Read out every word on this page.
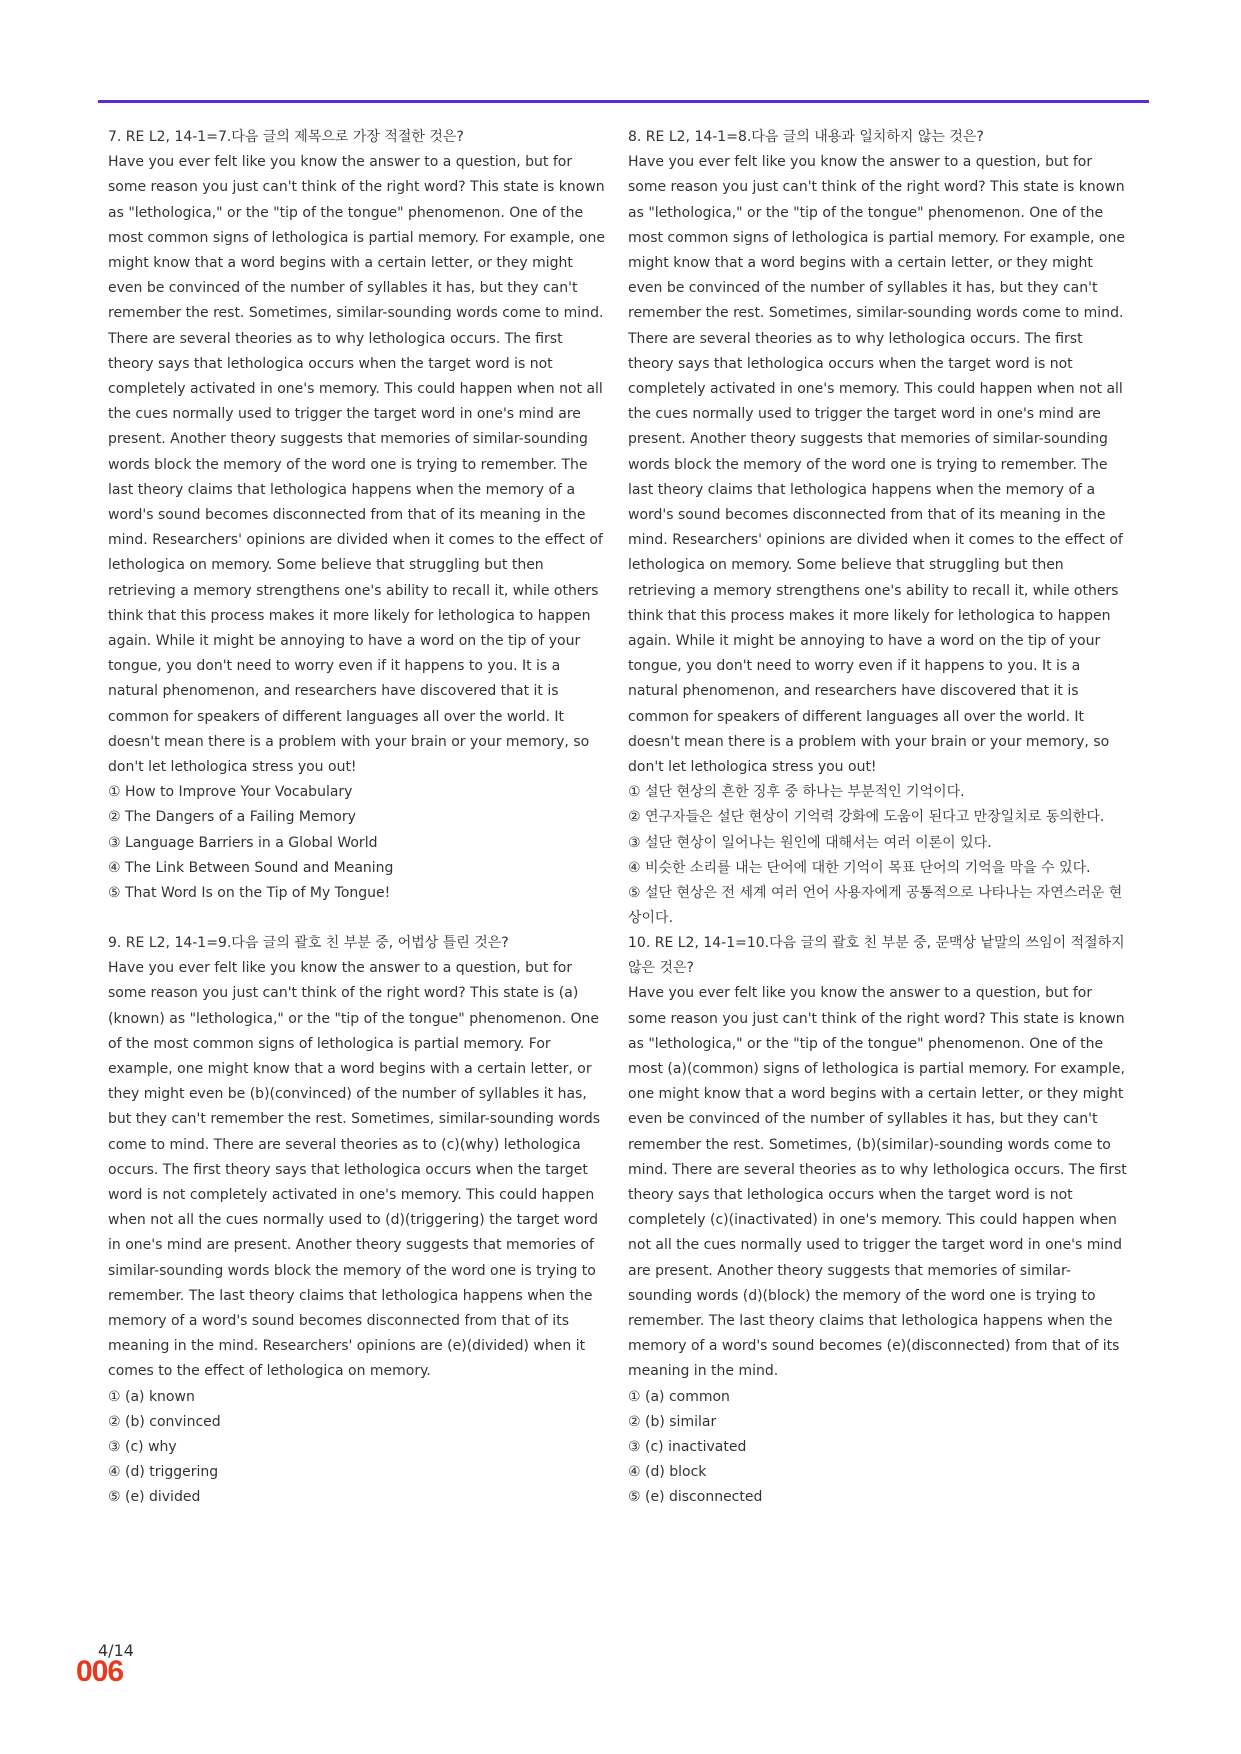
7. RE L2, 14-1=7.다음 글의 제목으로 가장 적절한 것은?

Have you ever felt like you know the answer to a question, but for some reason you just can't think of the right word? This state is known as "lethologica," or the "tip of the tongue" phenomenon. One of the most common signs of lethologica is partial memory. For example, one might know that a word begins with a certain letter, or they might even be convinced of the number of syllables it has, but they can't remember the rest. Sometimes, similar-sounding words come to mind. There are several theories as to why lethologica occurs. The first theory says that lethologica occurs when the target word is not completely activated in one's memory. This could happen when not all the cues normally used to trigger the target word in one's mind are present. Another theory suggests that memories of similar-sounding words block the memory of the word one is trying to remember. The last theory claims that lethologica happens when the memory of a word's sound becomes disconnected from that of its meaning in the mind. Researchers' opinions are divided when it comes to the effect of lethologica on memory. Some believe that struggling but then retrieving a memory strengthens one's ability to recall it, while others think that this process makes it more likely for lethologica to happen again. While it might be annoying to have a word on the tip of your tongue, you don't need to worry even if it happens to you. It is a natural phenomenon, and researchers have discovered that it is common for speakers of different languages all over the world. It doesn't mean there is a problem with your brain or your memory, so don't let lethologica stress you out!

① How to Improve Your Vocabulary
② The Dangers of a Failing Memory
③ Language Barriers in a Global World
④ The Link Between Sound and Meaning
⑤ That Word Is on the Tip of My Tongue!

8. RE L2, 14-1=8.다음 글의 내용과 일치하지 않는 것은?

Have you ever felt like you know the answer to a question, but for some reason you just can't think of the right word? This state is known as "lethologica," or the "tip of the tongue" phenomenon. One of the most common signs of lethologica is partial memory. For example, one might know that a word begins with a certain letter, or they might even be convinced of the number of syllables it has, but they can't remember the rest. Sometimes, similar-sounding words come to mind. There are several theories as to why lethologica occurs. The first theory says that lethologica occurs when the target word is not completely activated in one's memory. This could happen when not all the cues normally used to trigger the target word in one's mind are present. Another theory suggests that memories of similar-sounding words block the memory of the word one is trying to remember. The last theory claims that lethologica happens when the memory of a word's sound becomes disconnected from that of its meaning in the mind. Researchers' opinions are divided when it comes to the effect of lethologica on memory. Some believe that struggling but then retrieving a memory strengthens one's ability to recall it, while others think that this process makes it more likely for lethologica to happen again. While it might be annoying to have a word on the tip of your tongue, you don't need to worry even if it happens to you. It is a natural phenomenon, and researchers have discovered that it is common for speakers of different languages all over the world. It doesn't mean there is a problem with your brain or your memory, so don't let lethologica stress you out!

① 설단 현상의 흔한 징후 중 하나는 부분적인 기억이다.
② 연구자들은 설단 현상이 기억력 강화에 도움이 된다고 만장일치로 동의한다.
③ 설단 현상이 일어나는 원인에 대해서는 여러 이론이 있다.
④ 비슷한 소리를 내는 단어에 대한 기억이 목표 단어의 기억을 막을 수 있다.
⑤ 설단 현상은 전 세계 여러 언어 사용자에게 공통적으로 나타나는 자연스러운 현상이다.

9. RE L2, 14-1=9.다음 글의 괄호 친 부분 중, 어법상 틀린 것은?

Have you ever felt like you know the answer to a question, but for some reason you just can't think of the right word? This state is (a)(known) as "lethologica," or the "tip of the tongue" phenomenon. One of the most common signs of lethologica is partial memory. For example, one might know that a word begins with a certain letter, or they might even be (b)(convinced) of the number of syllables it has, but they can't remember the rest. Sometimes, similar-sounding words come to mind. There are several theories as to (c)(why) lethologica occurs. The first theory says that lethologica occurs when the target word is not completely activated in one's memory. This could happen when not all the cues normally used to (d)(triggering) the target word in one's mind are present. Another theory suggests that memories of similar-sounding words block the memory of the word one is trying to remember. The last theory claims that lethologica happens when the memory of a word's sound becomes disconnected from that of its meaning in the mind. Researchers' opinions are (e)(divided) when it comes to the effect of lethologica on memory.

① (a) known
② (b) convinced
③ (c) why
④ (d) triggering
⑤ (e) divided

10. RE L2, 14-1=10.다음 글의 괄호 친 부분 중, 문맥상 낱말의 쓰임이 적절하지 않은 것은?

Have you ever felt like you know the answer to a question, but for some reason you just can't think of the right word? This state is known as "lethologica," or the "tip of the tongue" phenomenon. One of the most (a)(common) signs of lethologica is partial memory. For example, one might know that a word begins with a certain letter, or they might even be convinced of the number of syllables it has, but they can't remember the rest. Sometimes, (b)(similar)-sounding words come to mind. There are several theories as to why lethologica occurs. The first theory says that lethologica occurs when the target word is not completely (c)(inactivated) in one's memory. This could happen when not all the cues normally used to trigger the target word in one's mind are present. Another theory suggests that memories of similar-sounding words (d)(block) the memory of the word one is trying to remember. The last theory claims that lethologica happens when the memory of a word's sound becomes (e)(disconnected) from that of its meaning in the mind.

① (a) common
② (b) similar
③ (c) inactivated
④ (d) block
⑤ (e) disconnected
4/14
006
